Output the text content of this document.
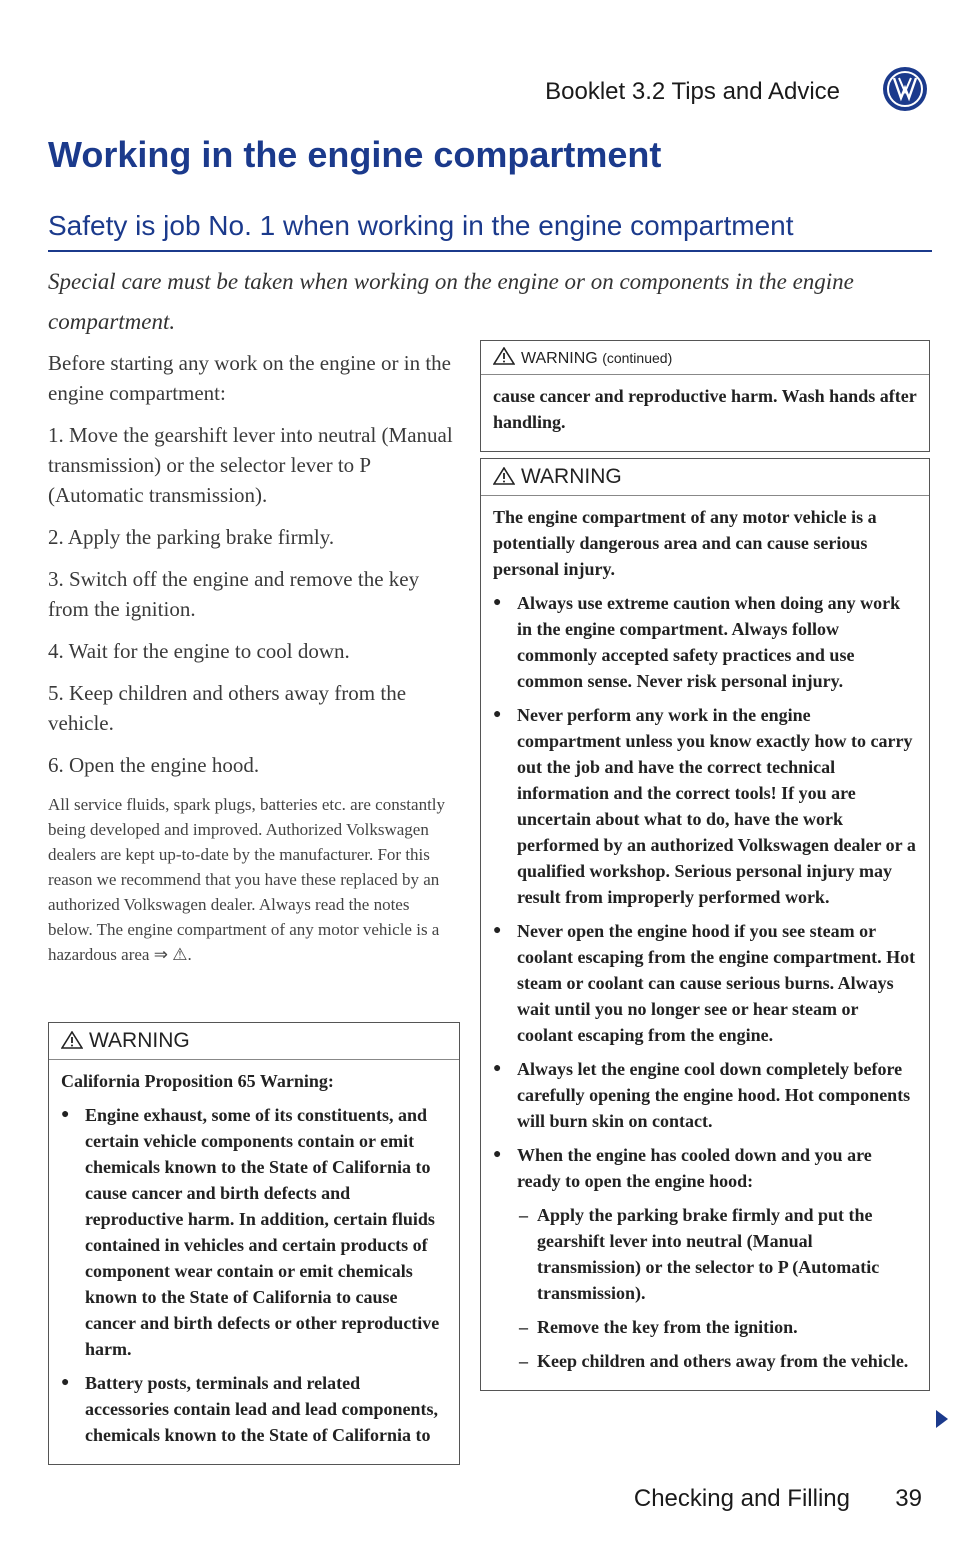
Booklet 3.2 Tips and Advice
Working in the engine compartment
Safety is job No. 1 when working in the engine compartment
Special care must be taken when working on the engine or on components in the engine compartment.

Before starting any work on the engine or in the engine compartment:

1. Move the gearshift lever into neutral (Manual transmission) or the selector lever to P (Automatic transmission).
2. Apply the parking brake firmly.
3. Switch off the engine and remove the key from the ignition.
4. Wait for the engine to cool down.
5. Keep children and others away from the vehicle.
6. Open the engine hood.

All service fluids, spark plugs, batteries etc. are constantly being developed and improved. Authorized Volkswagen dealers are kept up-to-date by the manufacturer. For this reason we recommend that you have these replaced by an authorized Volkswagen dealer. Always read the notes below. The engine compartment of any motor vehicle is a hazardous area ⇒ ⚠.

WARNING

California Proposition 65 Warning:

● Engine exhaust, some of its constituents, and certain vehicle components contain or emit chemicals known to the State of California to cause cancer and birth defects and reproductive harm. In addition, certain fluids contained in vehicles and certain products of component wear contain or emit chemicals known to the State of California to cause cancer and birth defects or other reproductive harm.

● Battery posts, terminals and related accessories contain lead and lead components, chemicals known to the State of California to

WARNING (continued)

cause cancer and reproductive harm. Wash hands after handling.

WARNING

The engine compartment of any motor vehicle is a potentially dangerous area and can cause serious personal injury.

● Always use extreme caution when doing any work in the engine compartment. Always follow commonly accepted safety practices and use common sense. Never risk personal injury.

● Never perform any work in the engine compartment unless you know exactly how to carry out the job and have the correct technical information and the correct tools! If you are uncertain about what to do, have the work performed by an authorized Volkswagen dealer or a qualified workshop. Serious personal injury may result from improperly performed work.

● Never open the engine hood if you see steam or coolant escaping from the engine compartment. Hot steam or coolant can cause serious burns. Always wait until you no longer see or hear steam or coolant escaping from the engine.

● Always let the engine cool down completely before carefully opening the engine hood. Hot components will burn skin on contact.

● When the engine has cooled down and you are ready to open the engine hood:

– Apply the parking brake firmly and put the gearshift lever into neutral (Manual transmission) or the selector to P (Automatic transmission).

– Remove the key from the ignition.

– Keep children and others away from the vehicle.

Checking and Filling 39
